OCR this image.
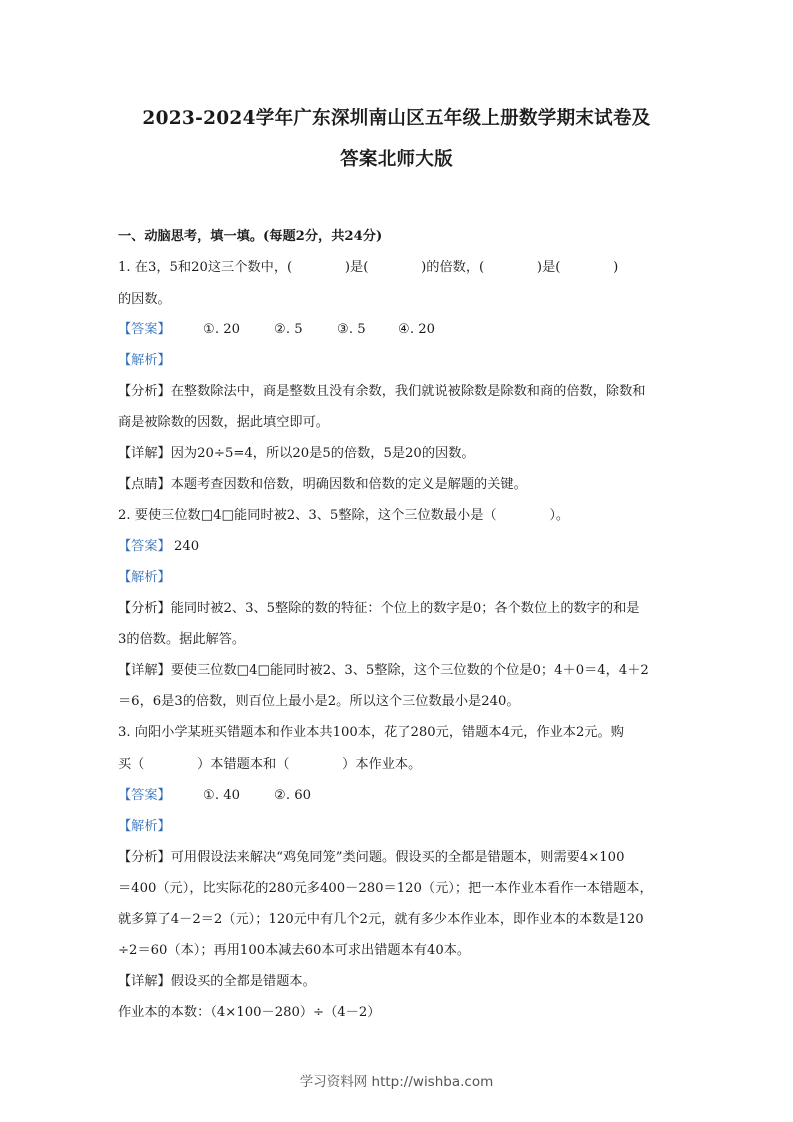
2023-2024学年广东深圳南山区五年级上册数学期末试卷及
答案北师大版
一、动脑思考，填一填。(每题2分，共24分)
1. 在3，5和20这三个数中，(　　　　)是(　　　　)的倍数，(　　　　)是(　　　　)
的因数。
【答案】 ①. 20	②. 5	③. 5 ④. 20
【解析】
【分析】在整数除法中，商是整数且没有余数，我们就说被除数是除数和商的倍数，除数和
商是被除数的因数，据此填空即可。
【详解】因为20÷5=4，所以20是5的倍数，5是20的因数。
【点睛】本题考查因数和倍数，明确因数和倍数的定义是解题的关键。
2. 要使三位数□4□能同时被2、3、5整除，这个三位数最小是（　　　　）。
【答案】 240
【解析】
【分析】能同时被2、3、5整除的数的特征：个位上的数字是0；各个数位上的数字的和是
3的倍数。据此解答。
【详解】要使三位数□4□能同时被2、3、5整除，这个三位数的个位是0；4＋0＝4，4＋2
＝6，6是3的倍数，则百位上最小是2。所以这个三位数最小是240。
3. 向阳小学某班买错题本和作业本共100本，花了280元，错题本4元，作业本2元。购
买（　　　　）本错题本和（　　　　）本作业本。
【答案】 ①. 40	②. 60
【解析】
【分析】可用假设法来解决“鸡兔同笼”类问题。假设买的全都是错题本，则需要4×100
＝400（元），比实际花的280元多400－280＝120（元）；把一本作业本看作一本错题本，
就多算了4－2＝2（元）；120元中有几个2元，就有多少本作业本，即作业本的本数是120
÷2＝60（本）；再用100本减去60本可求出错题本有40本。
【详解】假设买的全都是错题本。
作业本的本数：（4×100－280）÷（4－2）
学习资料网 http://wishba.com
